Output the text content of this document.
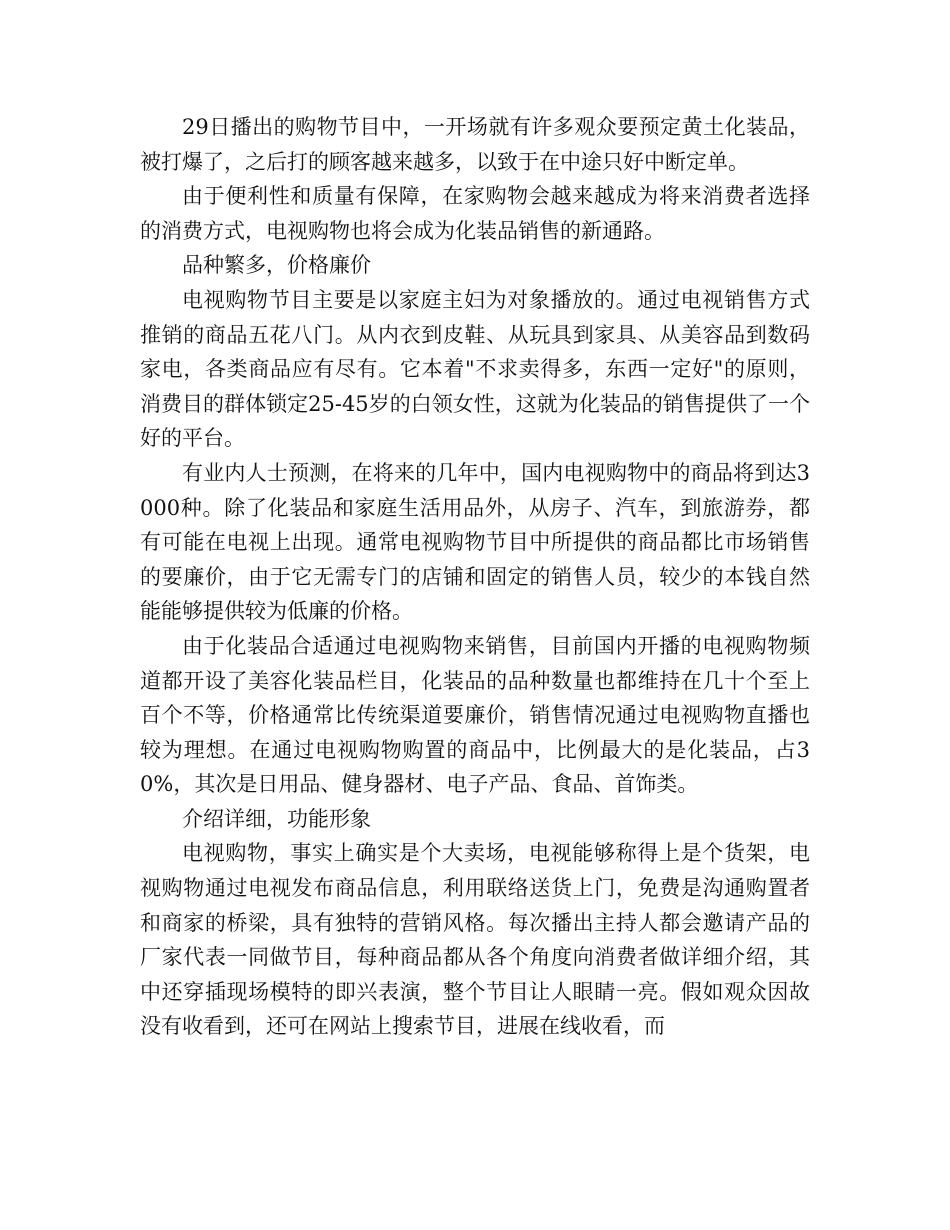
29日播出的购物节目中，一开场就有许多观众要预定黄土化装品，被打爆了，之后打的顾客越来越多，以致于在中途只好中断定单。

由于便利性和质量有保障，在家购物会越来越成为将来消费者选择的消费方式，电视购物也将会成为化装品销售的新通路。

品种繁多，价格廉价

电视购物节目主要是以家庭主妇为对象播放的。通过电视销售方式推销的商品五花八门。从内衣到皮鞋、从玩具到家具、从美容品到数码家电，各类商品应有尽有。它本着"不求卖得多，东西一定好"的原则，消费目的群体锁定25-45岁的白领女性，这就为化装品的销售提供了一个好的平台。

有业内人士预测，在将来的几年中，国内电视购物中的商品将到达3000种。除了化装品和家庭生活用品外，从房子、汽车，到旅游券，都有可能在电视上出现。通常电视购物节目中所提供的商品都比市场销售的要廉价，由于它无需专门的店铺和固定的销售人员，较少的本钱自然能能够提供较为低廉的价格。

由于化装品合适通过电视购物来销售，目前国内开播的电视购物频道都开设了美容化装品栏目，化装品的品种数量也都维持在几十个至上百个不等，价格通常比传统渠道要廉价，销售情况通过电视购物直播也较为理想。在通过电视购物购置的商品中，比例最大的是化装品，占30%，其次是日用品、健身器材、电子产品、食品、首饰类。

介绍详细，功能形象

电视购物，事实上确实是个大卖场，电视能够称得上是个货架，电视购物通过电视发布商品信息，利用联络送货上门，免费是沟通购置者和商家的桥梁，具有独特的营销风格。每次播出主持人都会邀请产品的厂家代表一同做节目，每种商品都从各个角度向消费者做详细介绍，其中还穿插现场模特的即兴表演，整个节目让人眼睛一亮。假如观众因故没有收看到，还可在网站上搜索节目，进展在线收看，而
